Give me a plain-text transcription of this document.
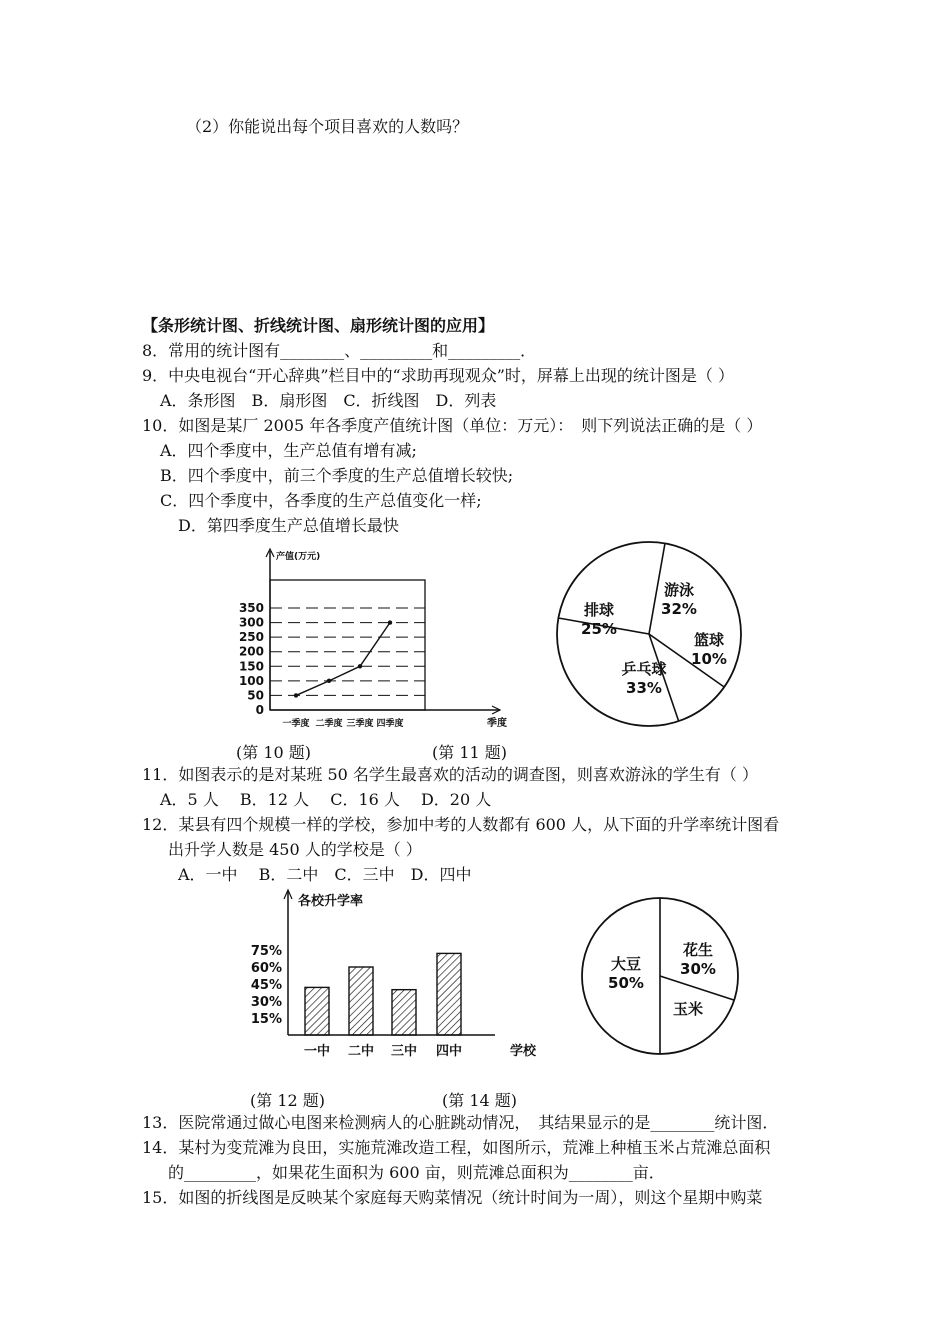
（2）你能说出每个项目喜欢的人数吗？
【条形统计图、折线统计图、扇形统计图的应用】
8．常用的统计图有________、_________和_________．
9．中央电视台“开心辞典”栏目中的“求助再现观众”时，屏幕上出现的统计图是（ ）
A．条形图　B．扇形图　C．折线图　D．列表
10．如图是某厂 2005 年各季度产值统计图（单位：万元）：　则下列说法正确的是（ ）
A．四个季度中，生产总值有增有减;
B．四个季度中，前三个季度的生产总值增长较快;
C．四个季度中，各季度的生产总值变化一样;
D．第四季度生产总值增长最快
0
50
100
150
200
250
300
350
产值(万元)
季度
一季度 二季度 三季度 四季度
游泳
32%
篮球
10%
乒乓球
33%
排球
25%
(第 10 题)	(第 11 题)
11．如图表示的是对某班 50 名学生最喜欢的活动的调查图，则喜欢游泳的学生有（ ）
A．5 人　 B．12 人　 C．16 人　 D．20 人
12．某县有四个规模一样的学校，参加中考的人数都有 600 人，从下面的升学率统计图看
出升学人数是 450 人的学校是（ ）
A．一中　 B．二中　C．三中　D．四中
各校升学率
15%
30%
45%
60%
75%
一中 二中 三中 四中	学校
花生
30%
玉米
大豆
50%
(第 12 题)	(第 14 题)
13．医院常通过做心电图来检测病人的心脏跳动情况，　其结果显示的是________统计图．
14．某村为变荒滩为良田，实施荒滩改造工程，如图所示，荒滩上种植玉米占荒滩总面积
的_________，如果花生面积为 600 亩，则荒滩总面积为________亩．
15．如图的折线图是反映某个家庭每天购菜情况（统计时间为一周），则这个星期中购菜
